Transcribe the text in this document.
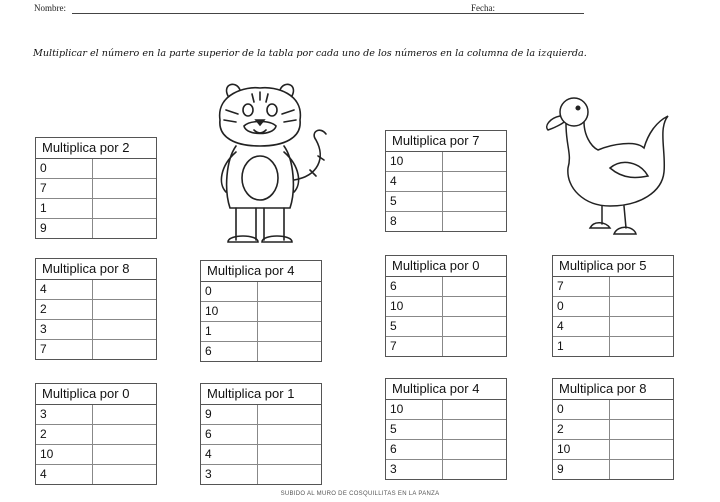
Nombre:	Fecha:
Multiplicar el número en la parte superior de la tabla por cada uno de los números en la columna de la izquierda.
Multiplica por 2
0
7
1
9
Multiplica por 7
10
4
5
8
Multiplica por 8
4
2
3
7
Multiplica por 4
0
10
1
6
Multiplica por 0
6
10
5
7
Multiplica por 5
7
0
4
1
Multiplica por 0
3
2
10
4
Multiplica por 1
9
6
4
3
Multiplica por 4
10
5
6
3
Multiplica por 8
0
2
10
9
SUBIDO AL MURO DE COSQUILLITAS EN LA PANZA
